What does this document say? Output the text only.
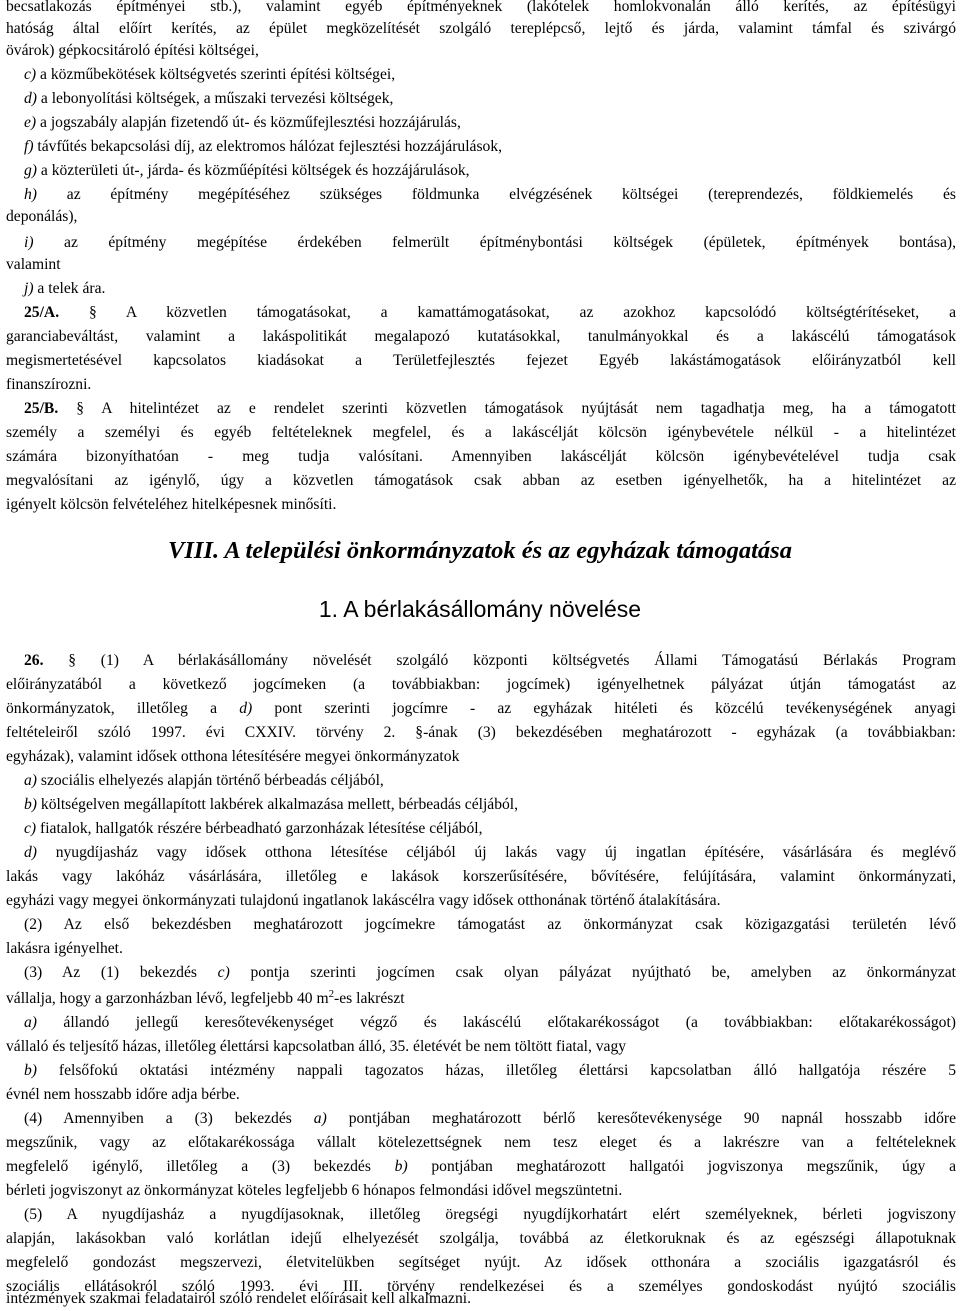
becsatlakozás építményei stb.), valamint egyéb építményeknek (lakótelek homlokvonalán álló kerítés, az építésügyi
hatóság által előírt kerítés, az épület megközelítését szolgáló tereplépcső, lejtő és járda, valamint támfal és szivárgó
övárok) gépkocsitároló építési költségei,
c) a közműbekötések költségvetés szerinti építési költségei,
d) a lebonyolítási költségek, a műszaki tervezési költségek,
e) a jogszabály alapján fizetendő út- és közműfejlesztési hozzájárulás,
f) távfűtés bekapcsolási díj, az elektromos hálózat fejlesztési hozzájárulások,
g) a közterületi út-, járda- és közműépítési költségek és hozzájárulások,
h) az építmény megépítéséhez szükséges földmunka elvégzésének költségei (tereprendezés, földkiemelés és
deponálás),
i) az építmény megépítése érdekében felmerült építménybontási költségek (épületek, építmények bontása),
valamint
j) a telek ára.
25/A. § A közvetlen támogatásokat, a kamattámogatásokat, az azokhoz kapcsolódó költségtérítéseket, a
garanciabeváltást, valamint a lakáspolitikát megalapozó kutatásokkal, tanulmányokkal és a lakáscélú támogatások
megismertetésével kapcsolatos kiadásokat a Területfejlesztés fejezet Egyéb lakástámogatások előirányzatból kell
finanszírozni.
25/B. § A hitelintézet az e rendelet szerinti közvetlen támogatások nyújtását nem tagadhatja meg, ha a támogatott
személy a személyi és egyéb feltételeknek megfelel, és a lakáscélját kölcsön igénybevétele nélkül - a hitelintézet
számára bizonyíthatóan - meg tudja valósítani. Amennyiben lakáscélját kölcsön igénybevételével tudja csak
megvalósítani az igénylő, úgy a közvetlen támogatások csak abban az esetben igényelhetők, ha a hitelintézet az
igényelt kölcsön felvételéhez hitelképesnek minősíti.
VIII. A települési önkormányzatok és az egyházak támogatása
1. A bérlakásállomány növelése
26. § (1) A bérlakásállomány növelését szolgáló központi költségvetés Állami Támogatású Bérlakás Program
előirányzatából a következő jogcímeken (a továbbiakban: jogcímek) igényelhetnek pályázat útján támogatást az
önkormányzatok, illetőleg a d) pont szerinti jogcímre - az egyházak hitéleti és közcélú tevékenységének anyagi
feltételeiről szóló 1997. évi CXXIV. törvény 2. §-ának (3) bekezdésében meghatározott - egyházak (a továbbiakban:
egyházak), valamint idősek otthona létesítésére megyei önkormányzatok
a) szociális elhelyezés alapján történő bérbeadás céljából,
b) költségelven megállapított lakbérek alkalmazása mellett, bérbeadás céljából,
c) fiatalok, hallgatók részére bérbeadható garzonházak létesítése céljából,
d) nyugdíjasház vagy idősek otthona létesítése céljából új lakás vagy új ingatlan építésére, vásárlására és meglévő
lakás vagy lakóház vásárlására, illetőleg e lakások korszerűsítésére, bővítésére, felújítására, valamint önkormányzati,
egyházi vagy megyei önkormányzati tulajdonú ingatlanok lakáscélra vagy idősek otthonának történő átalakítására.
(2) Az első bekezdésben meghatározott jogcímekre támogatást az önkormányzat csak közigazgatási területén lévő
lakásra igényelhet.
(3) Az (1) bekezdés c) pontja szerinti jogcímen csak olyan pályázat nyújtható be, amelyben az önkormányzat
vállalja, hogy a garzonházban lévő, legfeljebb 40 $m^2-es$ lakrészt
a) állandó jellegű keresőtevékenységet végző és lakáscélú előtakarékosságot (a továbbiakban: előtakarékosságot)
vállaló és teljesítő házas, illetőleg élettársi kapcsolatban álló, 35. életévét be nem töltött fiatal, vagy
b) felsőfokú oktatási intézmény nappali tagozatos házas, illetőleg élettársi kapcsolatban álló hallgatója részére 5
évnél nem hosszabb időre adja bérbe.
(4) Amennyiben a (3) bekezdés a) pontjában meghatározott bérlő keresőtevékenysége 90 napnál hosszabb időre
megszűnik, vagy az előtakarékossága vállalt kötelezettségnek nem tesz eleget és a lakrészre van a feltételeknek
megfelelő igénylő, illetőleg a (3) bekezdés b) pontjában meghatározott hallgatói jogviszonya megszűnik, úgy a
bérleti jogviszonyt az önkormányzat köteles legfeljebb 6 hónapos felmondási idővel megszüntetni.
(5) A nyugdíjasház a nyugdíjasoknak, illetőleg öregségi nyugdíjkorhatárt elért személyeknek, bérleti jogviszony
alapján, lakásokban való korlátlan idejű elhelyezését szolgálja, továbbá az életkoruknak és az egészségi állapotuknak
megfelelő gondozást megszervezi, életvitelükben segítséget nyújt. Az idősek otthonára a szociális igazgatásról és
szociális ellátásokról szóló 1993. évi III. törvény rendelkezései és a személyes gondoskodást nyújtó szociális
intézmények szakmai feladatairól szóló rendelet előírásait kell alkalmazni.
